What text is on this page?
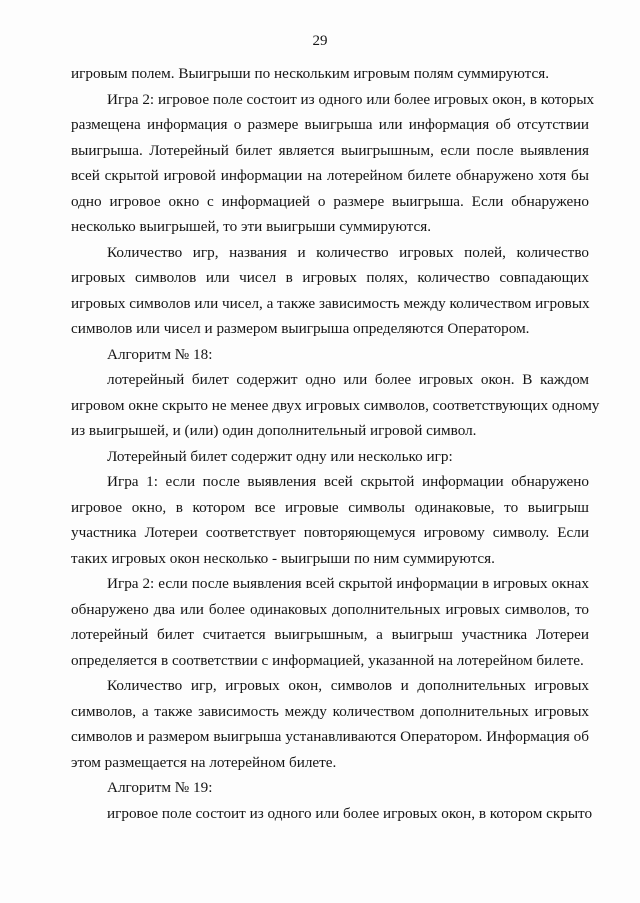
29
игровым полем. Выигрыши по нескольким игровым полям суммируются.
Игра 2: игровое поле состоит из одного или более игровых окон, в которых
размещена информация о размере выигрыша или информация об отсутствии
выигрыша. Лотерейный билет является выигрышным, если после выявления
всей скрытой игровой информации на лотерейном билете обнаружено хотя бы
одно игровое окно с информацией о размере выигрыша. Если обнаружено
несколько выигрышей, то эти выигрыши суммируются.
Количество игр, названия и количество игровых полей, количество
игровых символов или чисел в игровых полях, количество совпадающих
игровых символов или чисел, а также зависимость между количеством игровых
символов или чисел и размером выигрыша определяются Оператором.
Алгоритм № 18:
лотерейный билет содержит одно или более игровых окон. В каждом
игровом окне скрыто не менее двух игровых символов, соответствующих одному
из выигрышей, и (или) один дополнительный игровой символ.
Лотерейный билет содержит одну или несколько игр:
Игра 1: если после выявления всей скрытой информации обнаружено
игровое окно, в котором все игровые символы одинаковые, то выигрыш
участника Лотереи соответствует повторяющемуся игровому символу. Если
таких игровых окон несколько - выигрыши по ним суммируются.
Игра 2: если после выявления всей скрытой информации в игровых окнах
обнаружено два или более одинаковых дополнительных игровых символов, то
лотерейный билет считается выигрышным, а выигрыш участника Лотереи
определяется в соответствии с информацией, указанной на лотерейном билете.
Количество игр, игровых окон, символов и дополнительных игровых
символов, а также зависимость между количеством дополнительных игровых
символов и размером выигрыша устанавливаются Оператором. Информация об
этом размещается на лотерейном билете.
Алгоритм № 19:
игровое поле состоит из одного или более игровых окон, в котором скрыто
